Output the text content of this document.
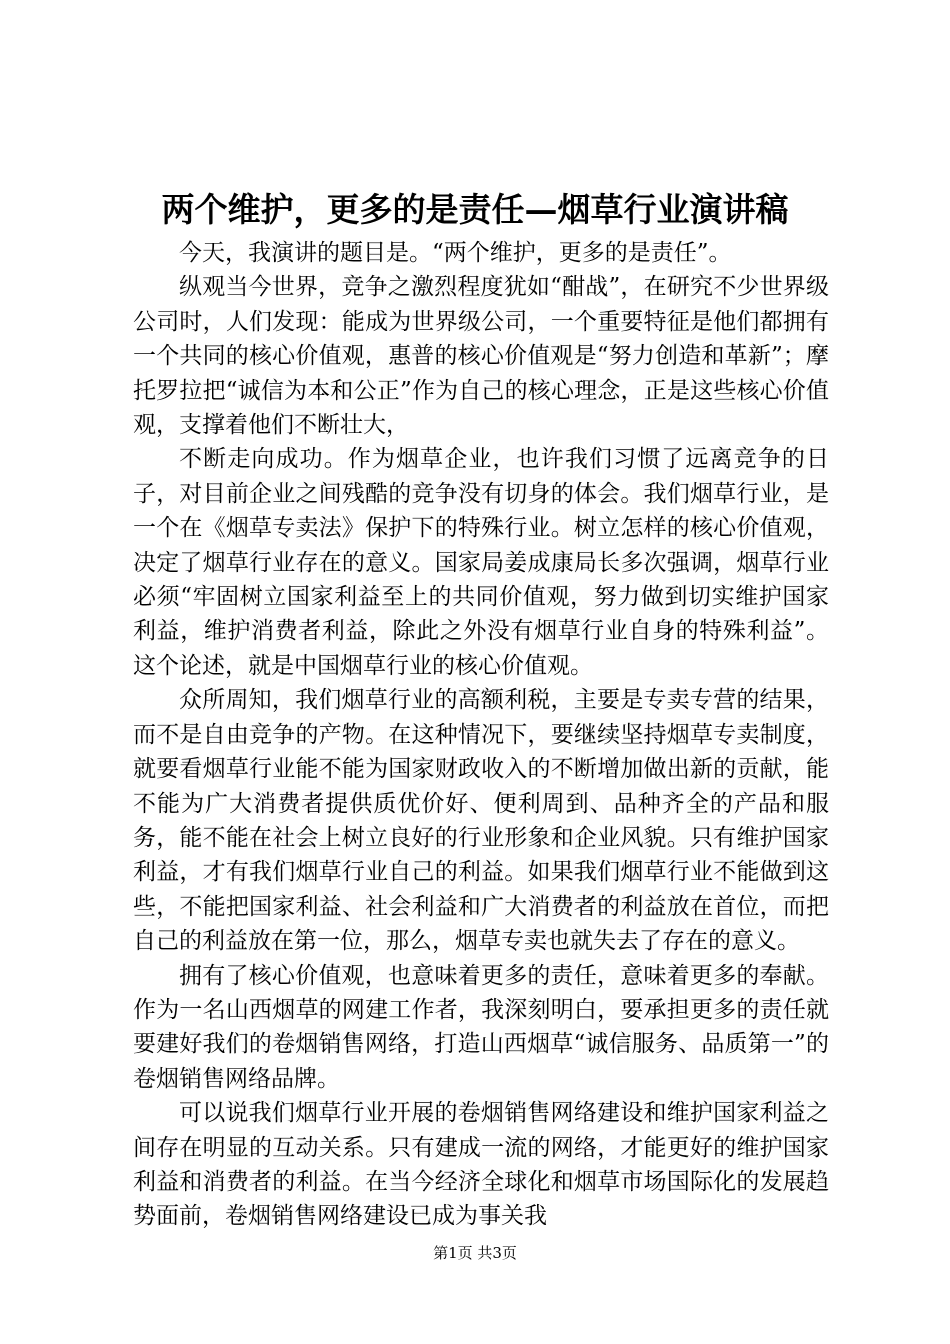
两个维护，更多的是责任—烟草行业演讲稿

今天，我演讲的题目是。“两个维护，更多的是责任”。

纵观当今世界，竞争之激烈程度犹如“酣战”，在研究不少世界级公司时，人们发现：能成为世界级公司，一个重要特征是他们都拥有一个共同的核心价值观，惠普的核心价值观是“努力创造和革新”；摩托罗拉把“诚信为本和公正”作为自己的核心理念，正是这些核心价值观，支撑着他们不断壮大，

不断走向成功。作为烟草企业，也许我们习惯了远离竞争的日子，对目前企业之间残酷的竞争没有切身的体会。我们烟草行业，是一个在《烟草专卖法》保护下的特殊行业。树立怎样的核心价值观，决定了烟草行业存在的意义。国家局姜成康局长多次强调，烟草行业必须“牢固树立国家利益至上的共同价值观，努力做到切实维护国家利益，维护消费者利益，除此之外没有烟草行业自身的特殊利益”。这个论述，就是中国烟草行业的核心价值观。

众所周知，我们烟草行业的高额利税，主要是专卖专营的结果，而不是自由竞争的产物。在这种情况下，要继续坚持烟草专卖制度，就要看烟草行业能不能为国家财政收入的不断增加做出新的贡献，能不能为广大消费者提供质优价好、便利周到、品种齐全的产品和服务，能不能在社会上树立良好的行业形象和企业风貌。只有维护国家利益，才有我们烟草行业自己的利益。如果我们烟草行业不能做到这些，不能把国家利益、社会利益和广大消费者的利益放在首位，而把自己的利益放在第一位，那么，烟草专卖也就失去了存在的意义。

拥有了核心价值观，也意味着更多的责任，意味着更多的奉献。作为一名山西烟草的网建工作者，我深刻明白，要承担更多的责任就要建好我们的卷烟销售网络，打造山西烟草“诚信服务、品质第一”的卷烟销售网络品牌。

可以说我们烟草行业开展的卷烟销售网络建设和维护国家利益之间存在明显的互动关系。只有建成一流的网络，才能更好的维护国家利益和消费者的利益。在当今经济全球化和烟草市场国际化的发展趋势面前，卷烟销售网络建设已成为事关我

第1页 共3页
